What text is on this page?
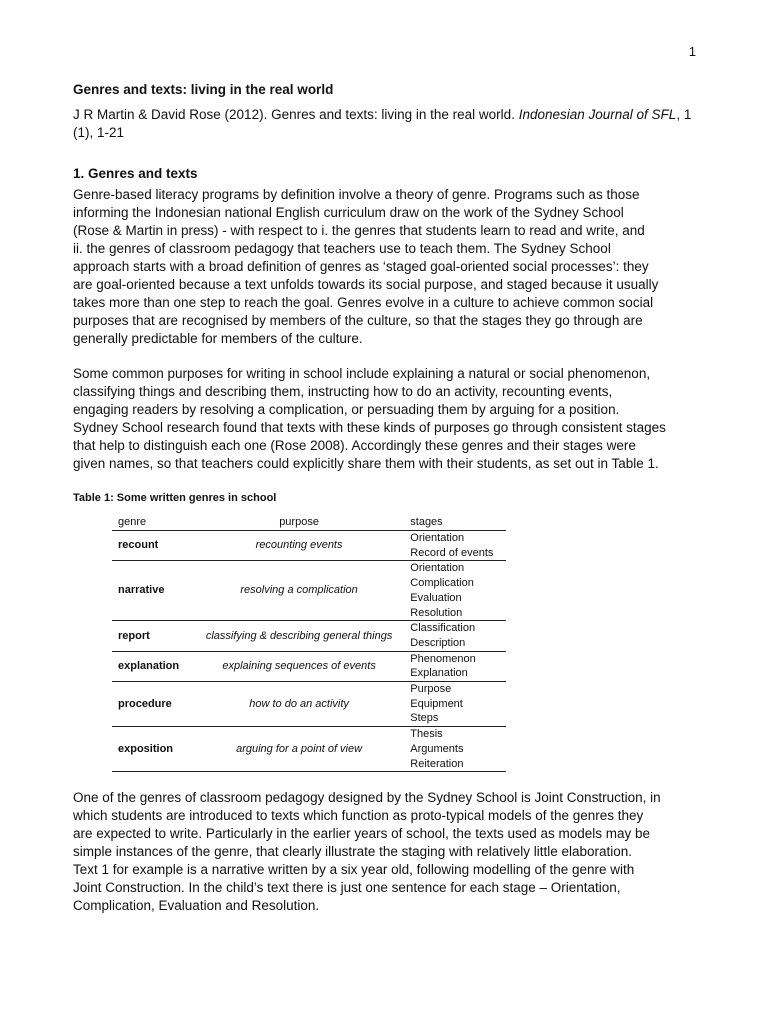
1
Genres and texts: living in the real world

J R Martin & David Rose (2012). Genres and texts: living in the real world. Indonesian Journal of SFL, 1 (1), 1-21

1. Genres and texts

Genre-based literacy programs by definition involve a theory of genre. Programs such as those
informing the Indonesian national English curriculum draw on the work of the Sydney School
(Rose & Martin in press) - with respect to i. the genres that students learn to read and write, and
ii. the genres of classroom pedagogy that teachers use to teach them. The Sydney School
approach starts with a broad definition of genres as ‘staged goal-oriented social processes’: they
are goal-oriented because a text unfolds towards its social purpose, and staged because it usually
takes more than one step to reach the goal. Genres evolve in a culture to achieve common social
purposes that are recognised by members of the culture, so that the stages they go through are
generally predictable for members of the culture.

Some common purposes for writing in school include explaining a natural or social phenomenon,
classifying things and describing them, instructing how to do an activity, recounting events,
engaging readers by resolving a complication, or persuading them by arguing for a position.
Sydney School research found that texts with these kinds of purposes go through consistent stages
that help to distinguish each one (Rose 2008). Accordingly these genres and their stages were
given names, so that teachers could explicitly share them with their students, as set out in Table 1.

Table 1: Some written genres in school
genre	purpose	stages
recount	recounting events	Orientation
Record of events

narrative	resolving a complication	Orientation
Complication
Evaluation
Resolution

report	classifying & describing general things	Classification
Description

explanation	explaining sequences of events	Phenomenon
Explanation

procedure	how to do an activity	Purpose
Equipment
Steps

exposition	arguing for a point of view	Thesis
Arguments
Reiteration

One of the genres of classroom pedagogy designed by the Sydney School is Joint Construction, in
which students are introduced to texts which function as proto-typical models of the genres they
are expected to write. Particularly in the earlier years of school, the texts used as models may be
simple instances of the genre, that clearly illustrate the staging with relatively little elaboration.
Text 1 for example is a narrative written by a six year old, following modelling of the genre with
Joint Construction. In the child’s text there is just one sentence for each stage – Orientation,
Complication, Evaluation and Resolution.
